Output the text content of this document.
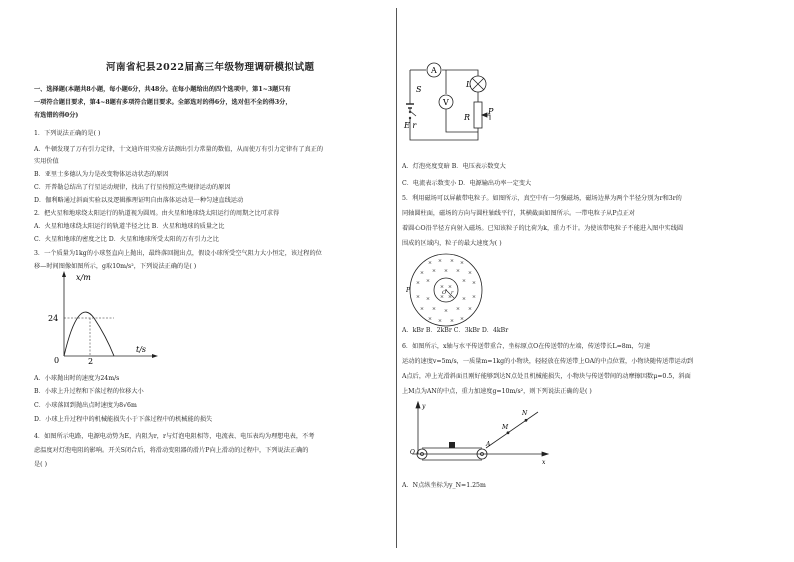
河南省杞县2022届高三年级物理调研模拟试题
一、选择题(本题共8小题，每小题6分，共48分。在每小题给出的四个选项中，第1~3题只有
一项符合题目要求，第4~8题有多项符合题目要求。全部选对的得6分，选对但不全的得3分，
有选错的得0分)
1．下列说法正确的是( )
A．牛顿发现了万有引力定律，十文迪许用实验方法测出引力常量的数值，从而使万有引力定律有了真正的
实用价值
B．亚里士多德认为力是改变物体运动状态的原因
C．开普勒总结出了行星运动规律，找出了行星按照这些规律运动的原因
D．伽利略通过斜面实验以及逻辑推理证明自由落体运动是一种匀速直线运动
2．把火星和地球绕太阳运行的轨道视为圆周。由火星和地球绕太阳运行的周期之比可求得
A．火星和地球绕太阳运行的轨道半径之比 B．火星和地球的质量之比
C．火星和地球的密度之比 D．火星和地球所受太阳的万有引力之比
3．一个质量为1kg的小球竖直向上抛出，最终落回抛出点，假设小球所受空气阻力大小恒定，该过程的位
移—时间图像如图所示，g取10m/s²，下列说法正确的是( )
x/m
t/s
24
0	2
A．小球抛出时的速度为24m/s
B．小球上升过程和下落过程的位移大小
C．小球落回到抛出点时速度为8√6m
D．小球上升过程中的机械能损失小于下落过程中的机械能的损失
4．如图所示电路，电源电动势为E，内阻为r，r与灯泡电阻相等，电流表、电压表均为理想电表，不考
虑温度对灯泡电阻的影响。开关S闭合后，将滑动变阻器的滑片P向上滑动的过程中，下列说法正确的
是( )
A
V
S
L
R
P
E r
A．灯泡亮度变暗 B．电压表示数变大
C．电流表示数变小 D．电源输出功率一定变大
5．利用磁场可以屏蔽带电粒子。如图所示，真空中有一匀强磁场，磁场边界为两个半径分别为r和3r的
同轴圆柱面，磁场的方向与圆柱轴线平行，其横截面如图所示。一带电粒子从P点正对
着圆心O沿半径方向射入磁场。已知该粒子的比荷为k，重力不计。为使该带电粒子不能进入图中实线圆
围成的区域内，粒子的最大速度为( )
× × × ×
× × × × ×
× ×	× ×
× ×	× ×
× × × × ×
× × × ×
× ×
× ×
P	O r
A．kBr B．2kBr C．3kBr D．4kBr
6．如图所示，x轴与水平传送带重合，坐标原点O在传送带的左端，传送带长L=8m，匀速
运动的速度v=5m/s，一质量m=1kg的小物块，轻轻放在传送带上OA的中点位置，小物块随传送带运动到
A点后，冲上光滑斜面且刚好能够到达N点处且机械能损失，小物块与传送带间的动摩擦因数μ=0.5，斜面
上M点为AN的中点，重力加速度g=10m/s²，则下列说法正确的是( )
y
x
N
M
A
O
A．N点纵坐标为y_N=1.25m
